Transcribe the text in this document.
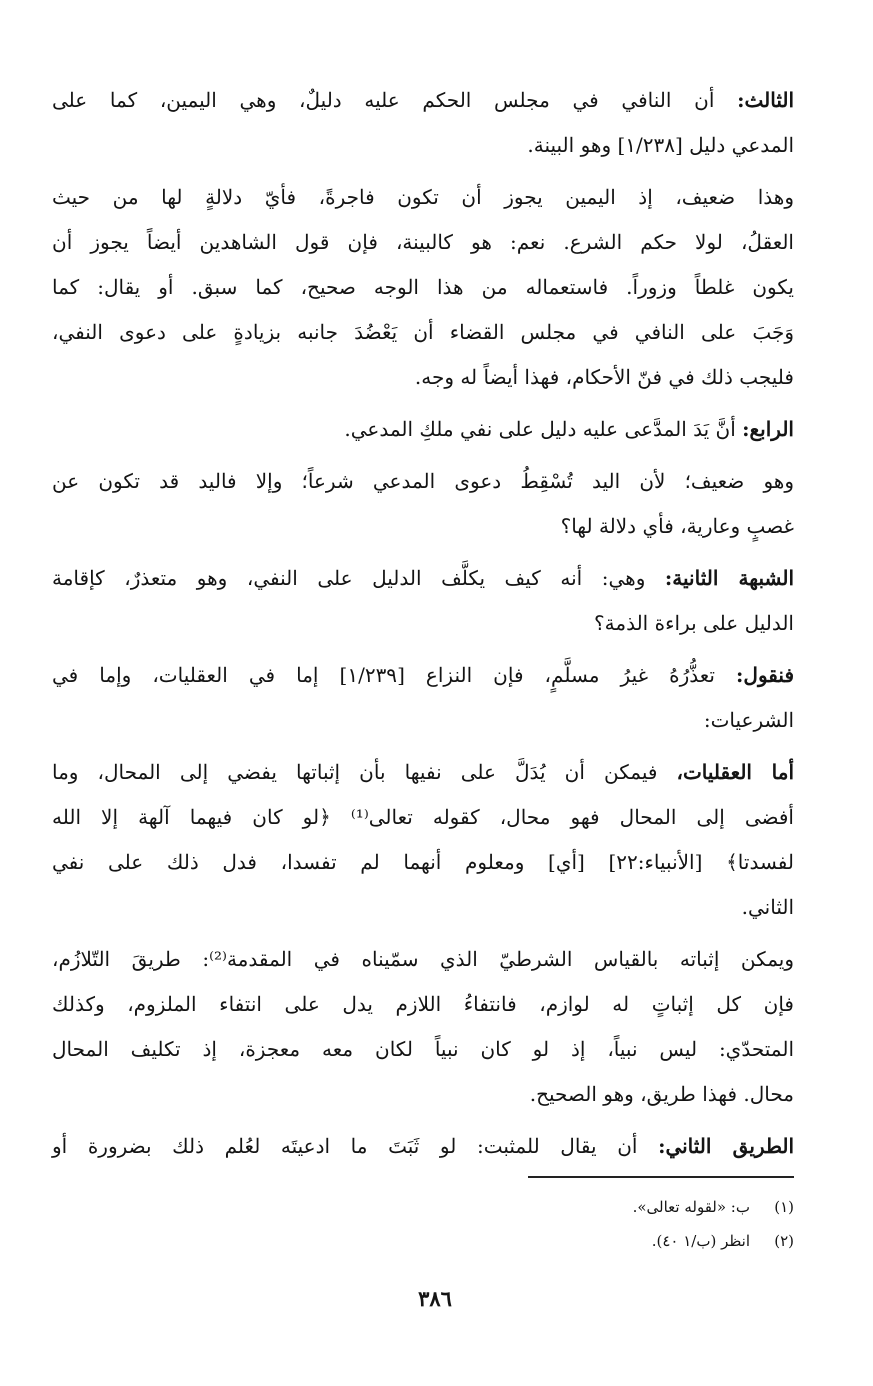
الثالث: أن النافي في مجلس الحكم عليه دليلٌ، وهي اليمين، كما على
المدعي دليل [١/٢٣٨] وهو البينة.

وهذا ضعيف، إذ اليمين يجوز أن تكون فاجرةً، فأيّ دلالةٍ لها من حيث
العقلُ، لولا حكم الشرع. نعم: هو كالبينة، فإن قول الشاهدين أيضاً يجوز أن
يكون غلطاً وزوراً. فاستعماله من هذا الوجه صحيح، كما سبق. أو يقال: كما
وَجَبَ على النافي في مجلس القضاء أن يَعْضُدَ جانبه بزيادةٍ على دعوى النفي،
فليجب ذلك في فنّ الأحكام، فهذا أيضاً له وجه.

الرابع: أنَّ يَدَ المدَّعى عليه دليل على نفي ملكِ المدعي.

وهو ضعيف؛ لأن اليد تُسْقِطُ دعوى المدعي شرعاً؛ وإلا فاليد قد تكون عن
غصبٍ وعارية، فأي دلالة لها؟

الشبهة الثانية: وهي: أنه كيف يكلَّف الدليل على النفي، وهو متعذرٌ، كإقامة
الدليل على براءة الذمة؟

فنقول: تعذُّرُهُ غيرُ مسلَّمٍ، فإن النزاع [١/٢٣٩] إما في العقليات، وإما في
الشرعيات:

أما العقليات، فيمكن أن يُدَلَّ على نفيها بأن إثباتها يفضي إلى المحال، وما
أفضى إلى المحال فهو محال، كقوله تعالى⁽¹⁾ ﴿لو كان فيهما آلهة إلا الله
لفسدتا﴾ [الأنبياء:٢٢] [أي] ومعلوم أنهما لم تفسدا، فدل ذلك على نفي
الثاني.

ويمكن إثباته بالقياس الشرطيّ الذي سمّيناه في المقدمة⁽²⁾: طريقَ التّلازُم،
فإن كل إثباتٍ له لوازم، فانتفاءُ اللازم يدل على انتفاء الملزوم، وكذلك
المتحدّي: ليس نبياً، إذ لو كان نبياً لكان معه معجزة، إذ تكليف المحال
محال. فهذا طريق، وهو الصحيح.

الطريق الثاني: أن يقال للمثبت: لو ثَبَتَ ما ادعيتَه لعُلم ذلك بضرورة أو

(١)ب: «لقوله تعالى».
(٢)انظر (ب/١ ٤٠).
٣٨٦
